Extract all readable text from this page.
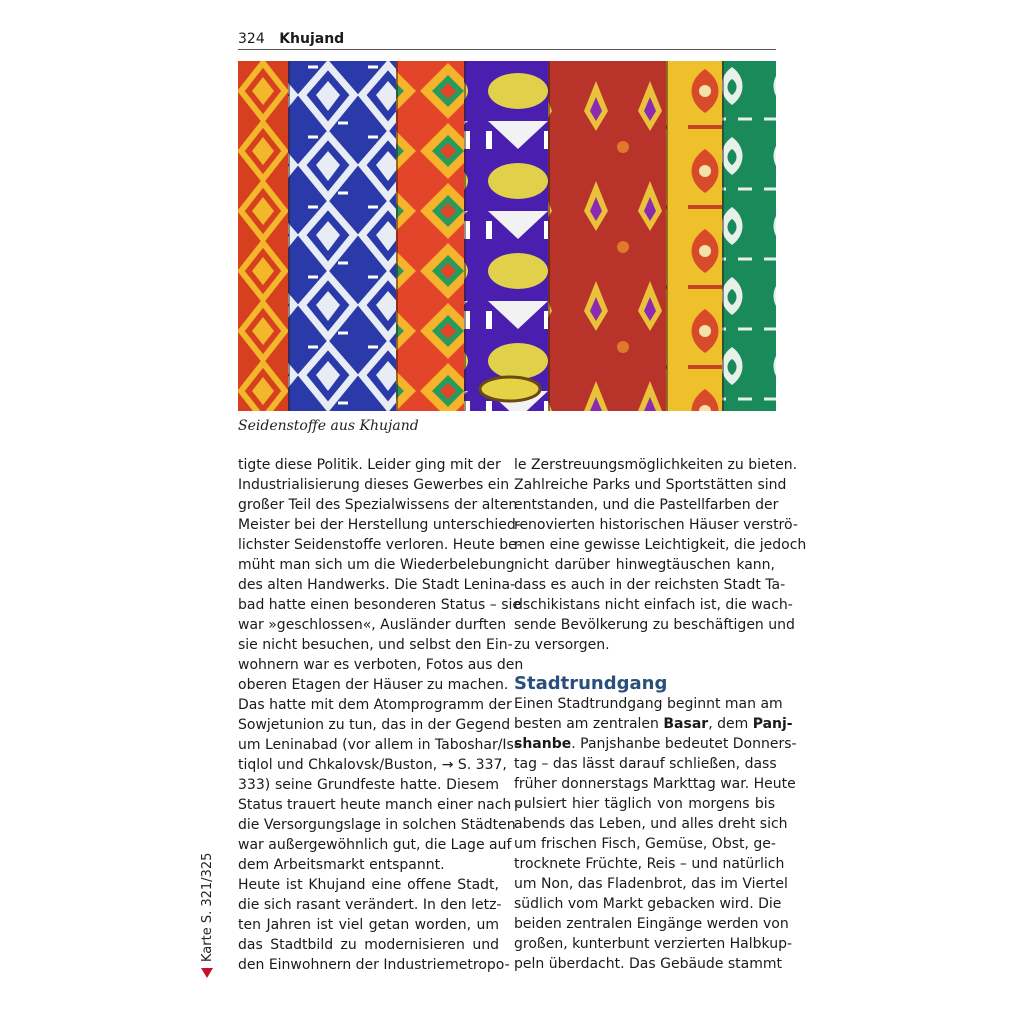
324 Khujand
Seidenstoffe aus Khujand
tigte diese Politik. Leider ging mit der
Industrialisierung dieses Gewerbes ein
großer Teil des Spezialwissens der alten
Meister bei der Herstellung unterschied-
lichster Seidenstoffe verloren. Heute be-
müht man sich um die Wiederbelebung
des alten Handwerks. Die Stadt Lenina-
bad hatte einen besonderen Status – sie
war »geschlossen«, Ausländer durften
sie nicht besuchen, und selbst den Ein-
wohnern war es verboten, Fotos aus den
oberen Etagen der Häuser zu machen.
Das hatte mit dem Atomprogramm der
Sowjetunion zu tun, das in der Gegend
um Leninabad (vor allem in Taboshar/Is-
tiqlol und Chkalovsk/Buston, → S. 337,
333) seine Grundfeste hatte. Diesem
Status trauert heute manch einer nach –
die Versorgungslage in solchen Städten
war außergewöhnlich gut, die Lage auf
dem Arbeitsmarkt entspannt.
Heute ist Khujand eine offene Stadt,
die sich rasant verändert. In den letz-
ten Jahren ist viel getan worden, um
das Stadtbild zu modernisieren und
den Einwohnern der Industriemetropo-
le Zerstreuungsmöglichkeiten zu bieten.
Zahlreiche Parks und Sportstätten sind
entstanden, und die Pastellfarben der
renovierten historischen Häuser verströ-
men eine gewisse Leichtigkeit, die jedoch
nicht darüber hinwegtäuschen kann,
dass es auch in der reichsten Stadt Ta-
dschikistans nicht einfach ist, die wach-
sende Bevölkerung zu beschäftigen und
zu versorgen.
Stadtrundgang
Einen Stadtrundgang beginnt man am
besten am zentralen Basar, dem Panj-
shanbe. Panjshanbe bedeutet Donners-
tag – das lässt darauf schließen, dass
früher donnerstags Markttag war. Heute
pulsiert hier täglich von morgens bis
abends das Leben, und alles dreht sich
um frischen Fisch, Gemüse, Obst, ge-
trocknete Früchte, Reis – und natürlich
um Non, das Fladenbrot, das im Viertel
südlich vom Markt gebacken wird. Die
beiden zentralen Eingänge werden von
großen, kunterbunt verzierten Halbkup-
peln überdacht. Das Gebäude stammt
Karte S. 321/325
